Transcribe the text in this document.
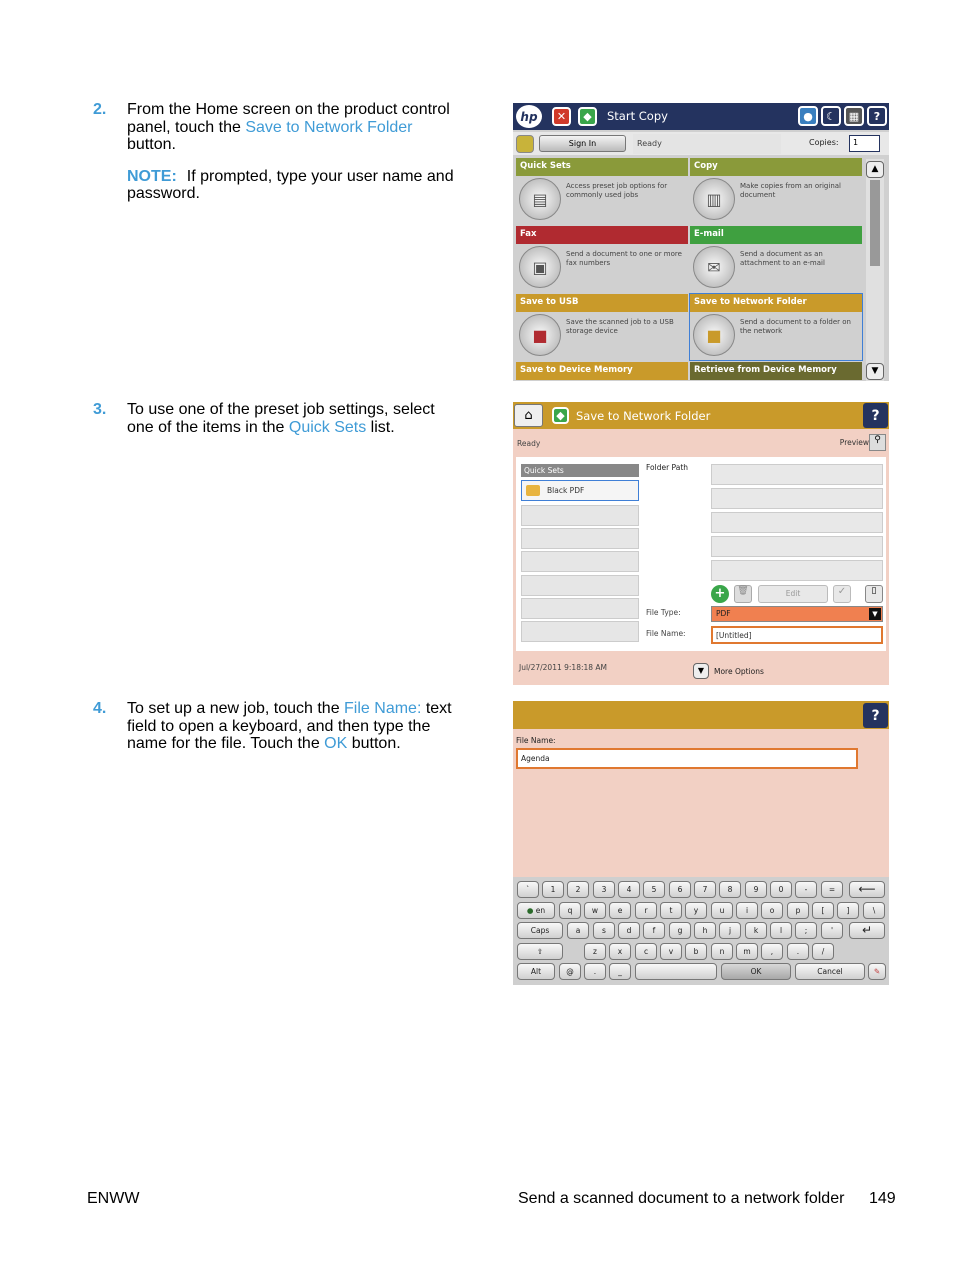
2. From the Home screen on the product control panel, touch the Save to Network Folder button.
NOTE: If prompted, type your user name and password.
3. To use one of the preset job settings, select one of the items in the Quick Sets list.
4. To set up a new job, touch the File Name: text field to open a keyboard, and then type the name for the file. Touch the OK button.
hp	✕	◆	Start Copy	●	☾	▦	?
Sign In	Ready	Copies:	1
Quick Sets
▤
Access preset job options for commonly used jobs
Copy
▥
Make copies from an original document
Fax
▣
Send a document to one or more fax numbers
E-mail
✉
Send a document as an attachment to an e-mail
Save to USB
■
Save the scanned job to a USB storage device
Save to Network Folder
■
Send a document to a folder on the network
Save to Device Memory	Retrieve from Device Memory
▲
▼
⌂	◆ Save to Network Folder	?
Ready	Preview ⚲
Quick Sets
Black PDF
Folder Path
+	🗑	Edit	✓	▯
File Type:	PDF	▼
File Name:	[Untitled]
Jul/27/2011 9:18:18 AM	▼	More Options
?
File Name:
Agenda
`	1	2	3	4	5	6	7	8	9	0	-	=	⟵
● en	q	w	e	r	t	y	u	i	o	p	[	]	\
Caps	a	s	d	f	g	h	j	k	l	;	'	↵
⇧	z	x	c	v	b	n	m	,	.	/
Alt	@	.	_	OK	Cancel	✎
ENWW	Send a scanned document to a network folder 149
